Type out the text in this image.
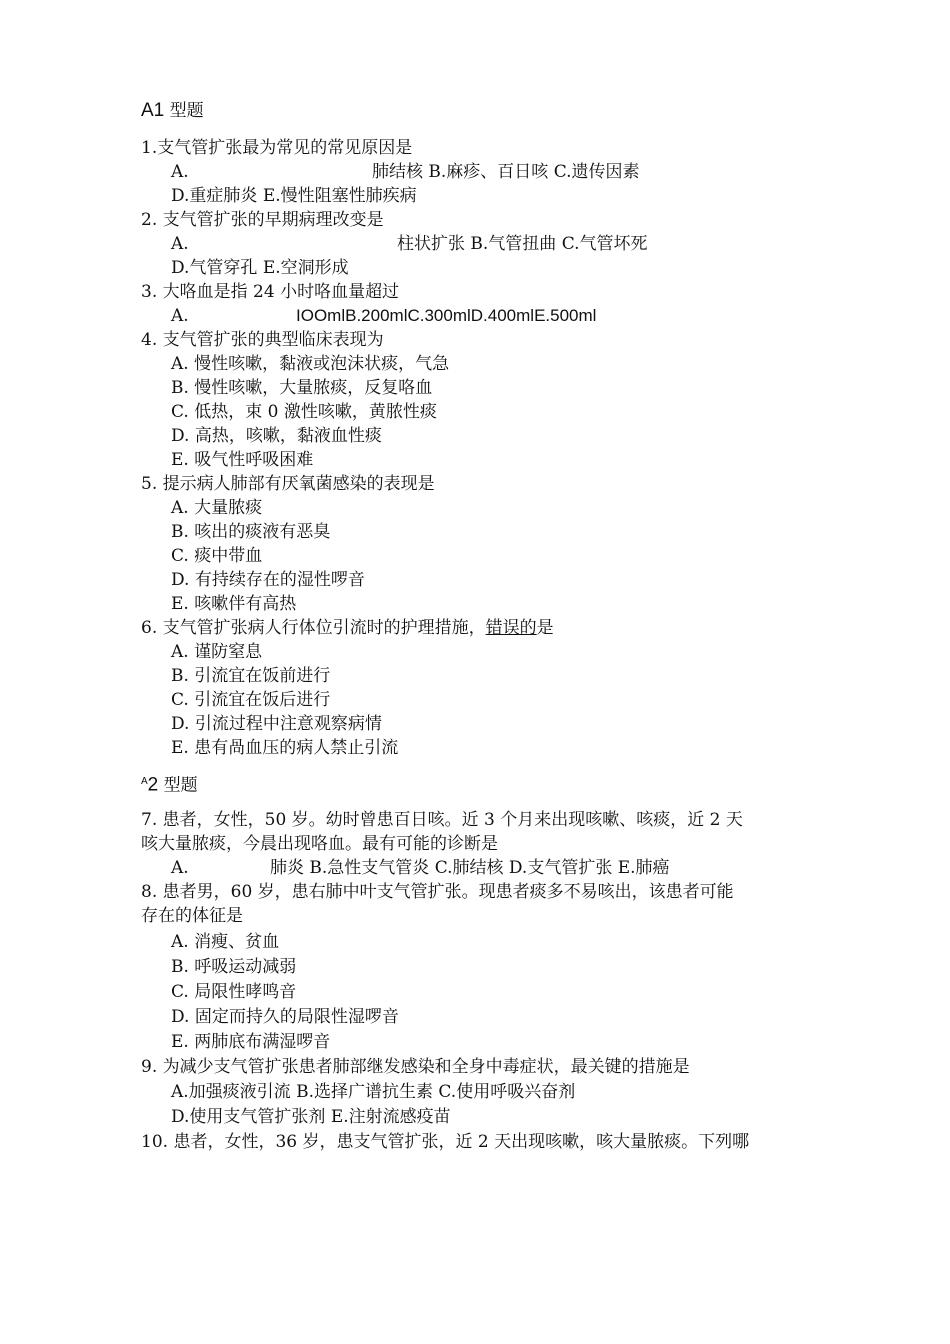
A1 型题
1.支气管扩张最为常见的常见原因是
A.	肺结核 B.麻疹、百日咳 C.遗传因素
D.重症肺炎 E.慢性阻塞性肺疾病
2. 支气管扩张的早期病理改变是
A.	柱状扩张 B.气管扭曲 C.气管坏死
D.气管穿孔 E.空洞形成
3. 大咯血是指 24 小时咯血量超过
A.	IOOmlB.200mlC.300mlD.400mlE.500ml
4. 支气管扩张的典型临床表现为
A. 慢性咳嗽，黏液或泡沫状痰，气急
B. 慢性咳嗽，大量脓痰，反复咯血
C. 低热，束 0 激性咳嗽，黄脓性痰
D. 高热，咳嗽，黏液血性痰
E. 吸气性呼吸困难
5. 提示病人肺部有厌氧菌感染的表现是
A. 大量脓痰
B. 咳出的痰液有恶臭
C. 痰中带血
D. 有持续存在的湿性啰音
E. 咳嗽伴有高热
6. 支气管扩张病人行体位引流时的护理措施，错误的是
A. 谨防窒息
B. 引流宜在饭前进行
C. 引流宜在饭后进行
D. 引流过程中注意观察病情
E. 患有咼血压的病人禁止引流
$^A$2 型题
7. 患者，女性，50 岁。幼时曾患百日咳。近 3 个月来出现咳嗽、咳痰，近 2 天
咳大量脓痰，今晨出现咯血。最有可能的诊断是
A.	肺炎 B.急性支气管炎 C.肺结核 D.支气管扩张 E.肺癌
8. 患者男，60 岁，患右肺中叶支气管扩张。现患者痰多不易咳出，该患者可能
存在的体征是
A. 消瘦、贫血
B. 呼吸运动减弱
C. 局限性哮鸣音
D. 固定而持久的局限性湿啰音
E. 两肺底布满湿啰音
9. 为减少支气管扩张患者肺部继发感染和全身中毒症状，最关键的措施是
A.加强痰液引流 B.选择广谱抗生素 C.使用呼吸兴奋剂
D.使用支气管扩张剂 E.注射流感疫苗
10. 患者，女性，36 岁，患支气管扩张，近 2 天出现咳嗽，咳大量脓痰。下列哪
